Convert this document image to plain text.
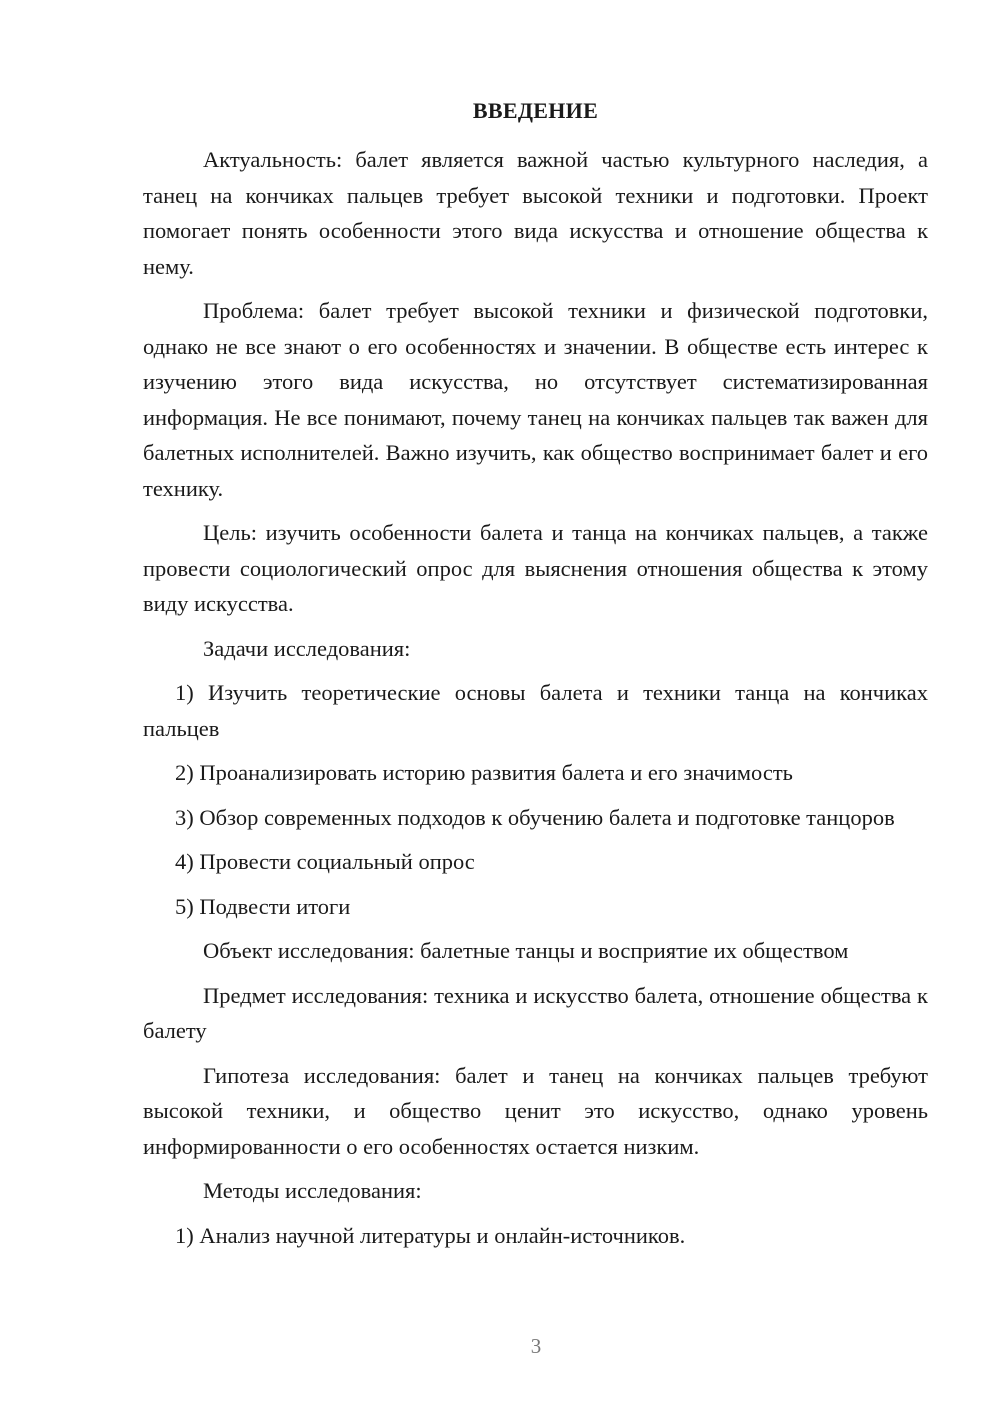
ВВЕДЕНИЕ

Актуальность: балет является важной частью культурного наследия, а танец на кончиках пальцев требует высокой техники и подготовки. Проект помогает понять особенности этого вида искусства и отношение общества к нему.

Проблема: балет требует высокой техники и физической подготовки, однако не все знают о его особенностях и значении. В обществе есть интерес к изучению этого вида искусства, но отсутствует систематизированная информация. Не все понимают, почему танец на кончиках пальцев так важен для балетных исполнителей. Важно изучить, как общество воспринимает балет и его технику.

Цель: изучить особенности балета и танца на кончиках пальцев, а также провести социологический опрос для выяснения отношения общества к этому виду искусства.

Задачи исследования:

1) Изучить теоретические основы балета и техники танца на кончиках пальцев

2) Проанализировать историю развития балета и его значимость

3) Обзор современных подходов к обучению балета и подготовке танцоров

4) Провести социальный опрос

5) Подвести итоги

Объект исследования: балетные танцы и восприятие их обществом

Предмет исследования: техника и искусство балета, отношение общества к балету

Гипотеза исследования: балет и танец на кончиках пальцев требуют высокой техники, и общество ценит это искусство, однако уровень информированности о его особенностях остается низким.

Методы исследования:

1) Анализ научной литературы и онлайн-источников.

3
